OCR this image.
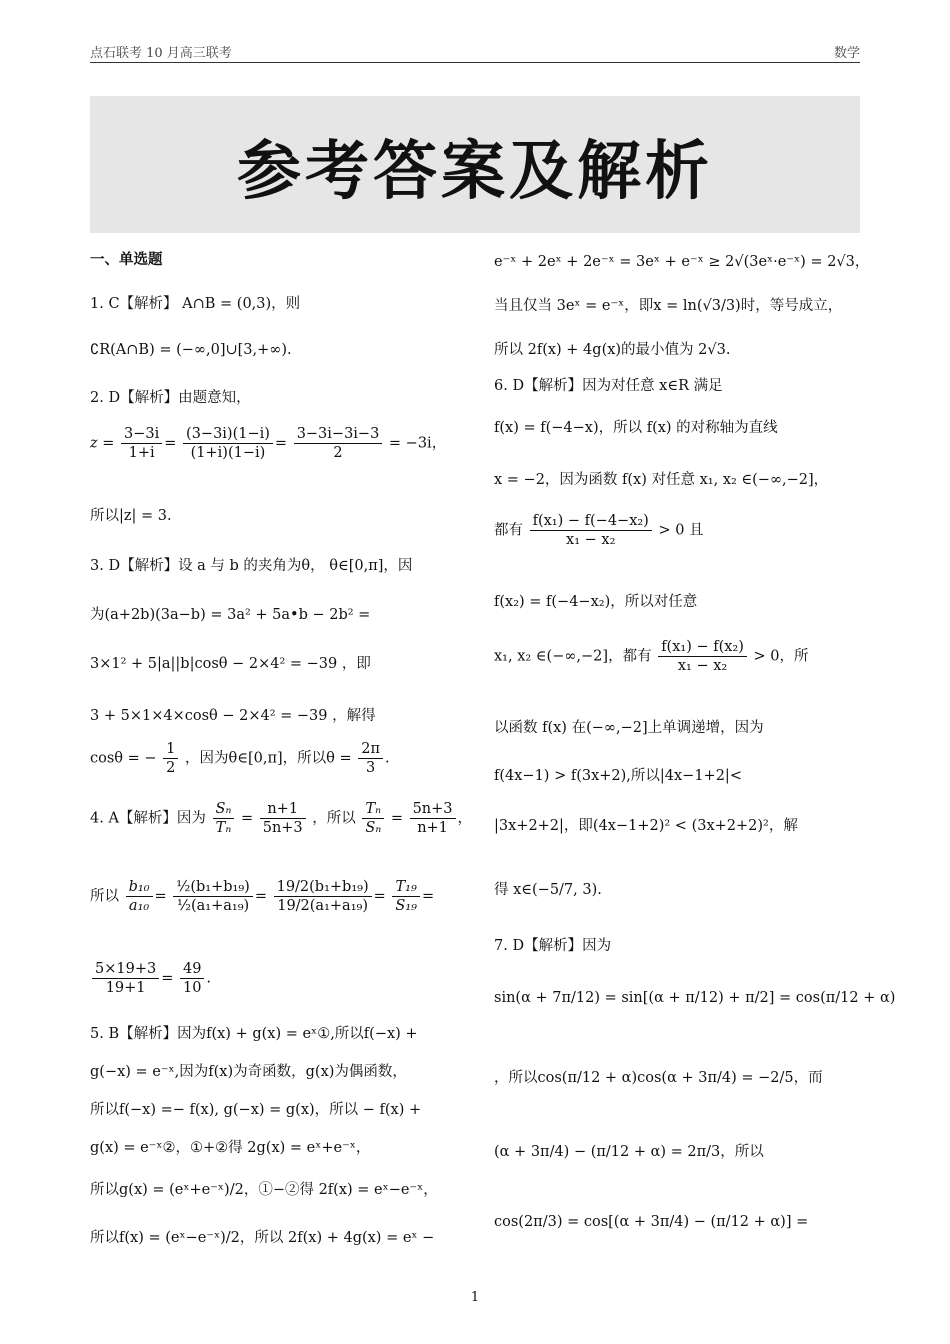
点石联考 10 月高三联考	数学
参考答案及解析
一、单选题
1. C【解析】 A∩B = (0,3)，则
∁R(A∩B) = (−∞,0]∪[3,+∞).
2. D【解析】由题意知，
$z = \frac{3-3i}{1+i} = \frac{(3-3i)(1-i)}{(1+i)(1-i)} = \frac{3-3i-3i-3}{2} = -3i$，
所以|z| = 3.
3. D【解析】设 a 与 b 的夹角为θ， θ∈[0,π]，因
为(a+2b)(3a−b) = 3a² + 5a•b − 2b² =
3×1² + 5|a||b|cosθ − 2×4² = −39 ，即
3 + 5×1×4×cosθ − 2×4² = −39 ，解得
cosθ = − $\frac{1}{2}$ ，因为θ∈[0,π]，所以$\theta = \frac{2\pi}{3}$ .
4. A【解析】因为 $\frac{\text{Sₙ}}{\text{Tₙ}} = \frac{n+1}{5n+3}$ ，所以 $\frac{\text{Tₙ}}{\text{Sₙ}} = \frac{5n+3}{n+1}$ ，
所以 $\frac{\text{b₁₀}}{\text{a₁₀}} = \frac{\text{½(b₁+b₁₉)}}{\text{½(a₁+a₁₉)}} = \frac{\text{19/2(b₁+b₁₉)}}{\text{19/2(a₁+a₁₉)}} = \frac{\text{T₁₉}}{\text{S₁₉}}$ =
$\frac{5\times 19+3}{19+1} = \frac{49}{10}$ .
5. B【解析】因为f(x) + g(x) = eˣ①,所以f(−x) +
g(−x) = e⁻ˣ,因为f(x)为奇函数，g(x)为偶函数，
所以f(−x) =− f(x), g(−x) = g(x)，所以 − f(x) +
g(x) = e⁻ˣ②，①+②得 2g(x) = eˣ+e⁻ˣ，
所以g(x) = (eˣ+e⁻ˣ)/2，①−②得 2f(x) = eˣ−e⁻ˣ，
所以f(x) = (eˣ−e⁻ˣ)/2，所以 2f(x) + 4g(x) = eˣ −
e⁻ˣ + 2eˣ + 2e⁻ˣ = 3eˣ + e⁻ˣ ≥ 2√(3eˣ·e⁻ˣ) = 2√3，
当且仅当 3eˣ = e⁻ˣ，即x = ln(√3/3)时，等号成立，
所以 2f(x) + 4g(x)的最小值为 2√3.
6. D【解析】因为对任意 x∈R 满足
f(x) = f(−4−x)，所以 f(x) 的对称轴为直线
x = −2，因为函数 f(x) 对任意 x₁, x₂ ∈(−∞,−2]，
都有 $\frac{\text{f(x₁) − f(−4−x₂)}}{\text{x₁ − x₂}} > 0$ 且
f(x₂) = f(−4−x₂)，所以对任意
x₁, x₂ ∈(−∞,−2]，都有 $\frac{\text{f(x₁) − f(x₂)}}{\text{x₁ − x₂}} > 0$，所
以函数 f(x) 在(−∞,−2]上单调递增，因为
f(4x−1) > f(3x+2),所以|4x−1+2|<
|3x+2+2|，即(4x−1+2)² < (3x+2+2)²，解
得 x∈(−5/7, 3).
7. D【解析】因为
sin(α + 7π/12) = sin[(α + π/12) + π/2] = cos(π/12 + α)
，所以cos(π/12 + α)cos(α + 3π/4) = −2/5，而
(α + 3π/4) − (π/12 + α) = 2π/3，所以
cos(2π/3) = cos[(α + 3π/4) − (π/12 + α)] =
1
